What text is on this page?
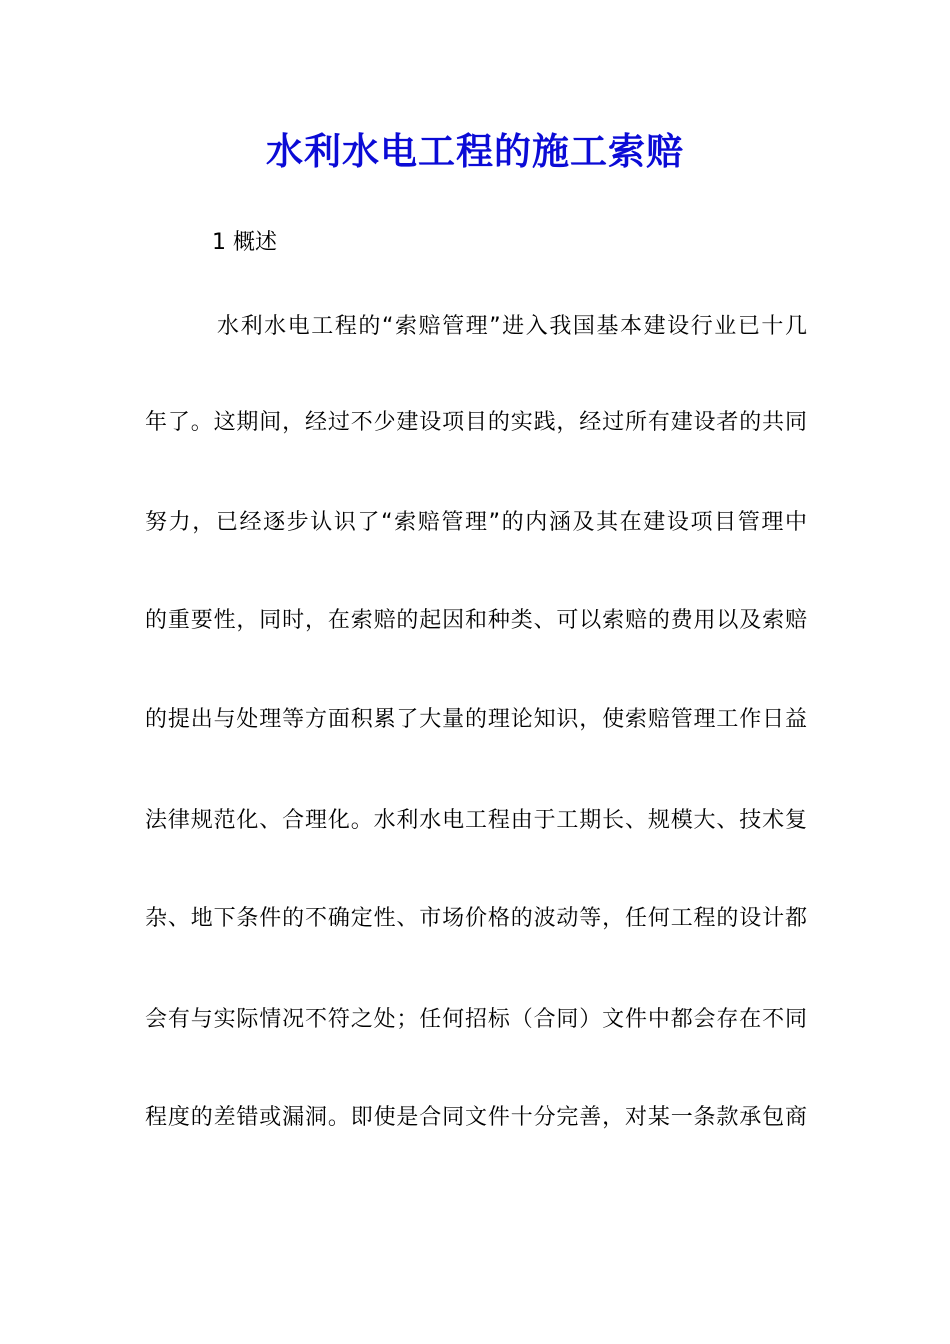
水利水电工程的施工索赔
1 概述
水利水电工程的“索赔管理”进入我国基本建设行业已十几
年了。这期间，经过不少建设项目的实践，经过所有建设者的共同
努力，已经逐步认识了“索赔管理”的内涵及其在建设项目管理中
的重要性，同时，在索赔的起因和种类、可以索赔的费用以及索赔
的提出与处理等方面积累了大量的理论知识，使索赔管理工作日益
法律规范化、合理化。水利水电工程由于工期长、规模大、技术复
杂、地下条件的不确定性、市场价格的波动等，任何工程的设计都
会有与实际情况不符之处；任何招标（合同）文件中都会存在不同
程度的差错或漏洞。即使是合同文件十分完善，对某一条款承包商
